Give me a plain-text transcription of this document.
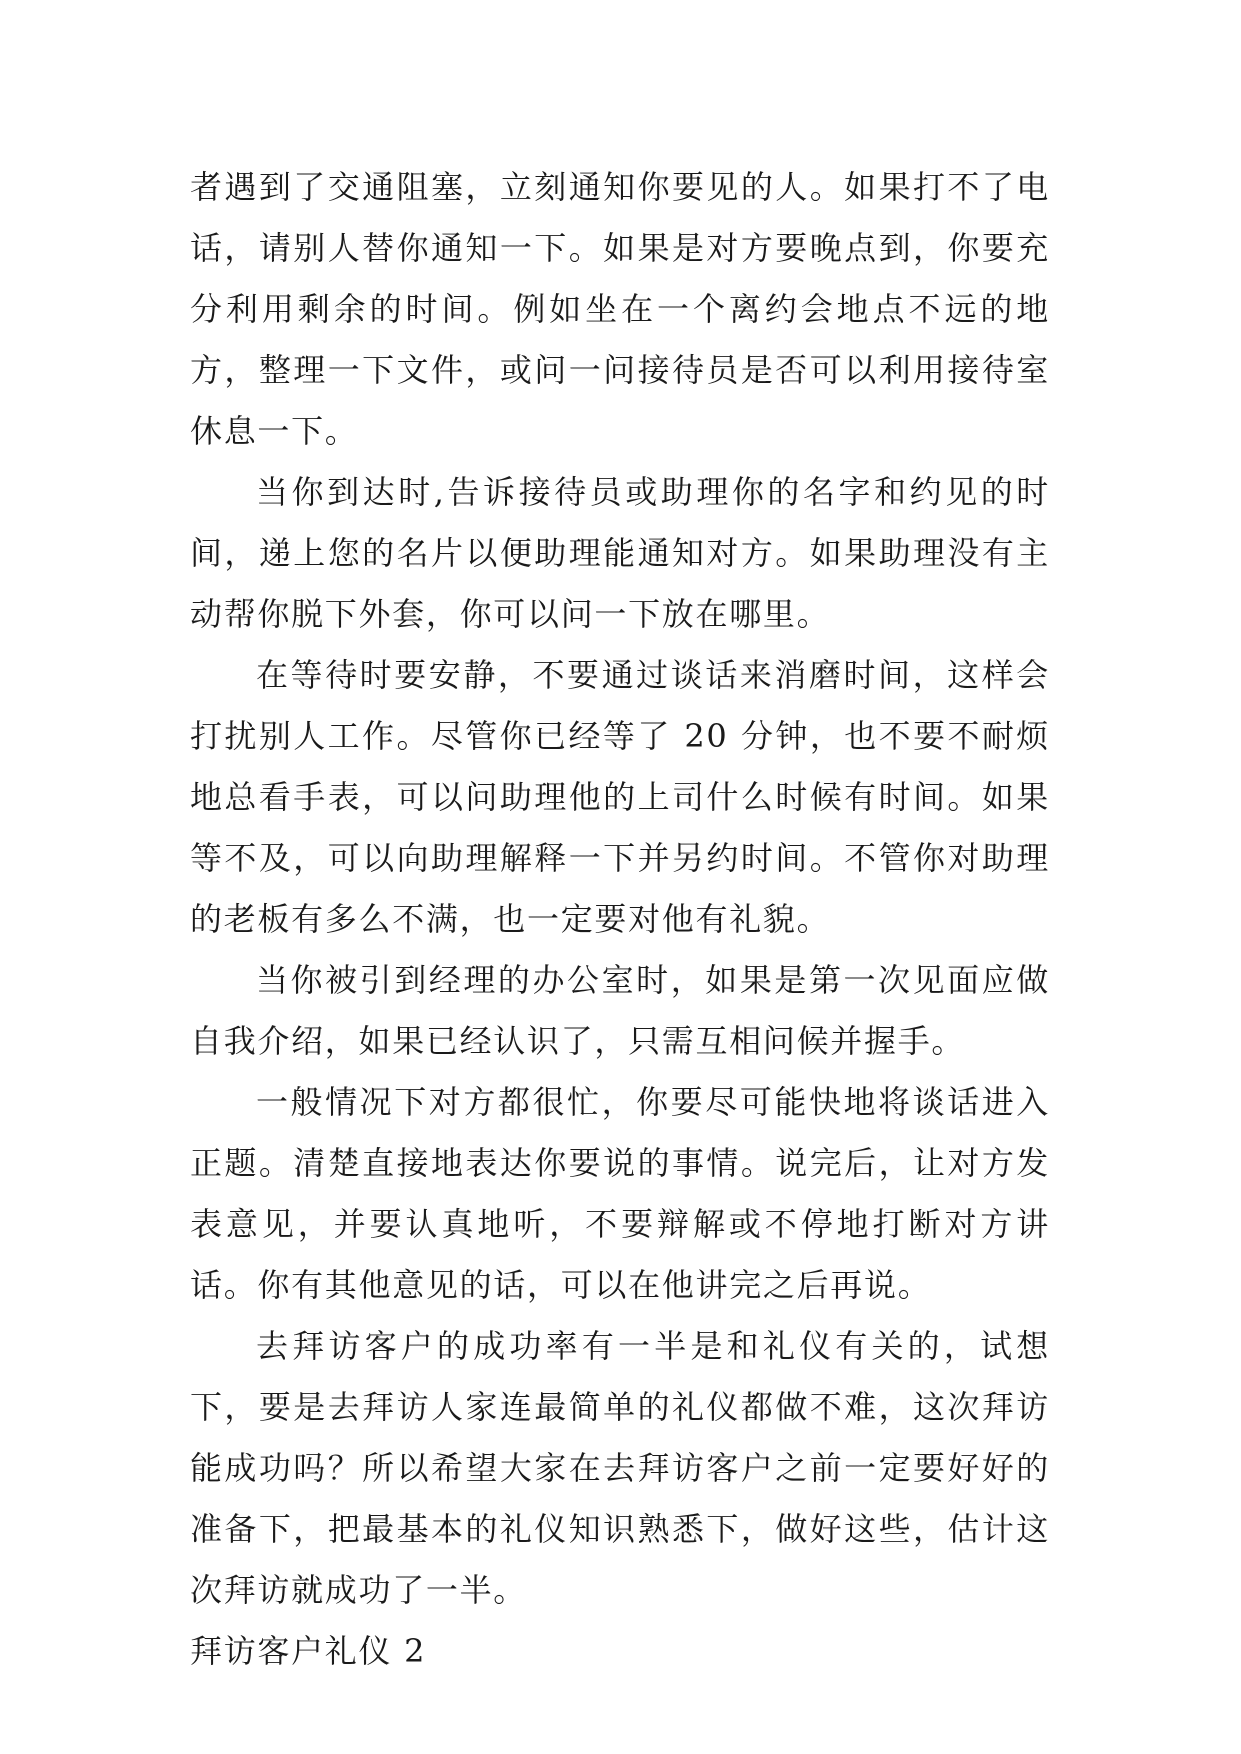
者遇到了交通阻塞，立刻通知你要见的人。如果打不了电话，请别人替你通知一下。如果是对方要晚点到，你要充分利用剩余的时间。例如坐在一个离约会地点不远的地方，整理一下文件，或问一问接待员是否可以利用接待室休息一下。

当你到达时,告诉接待员或助理你的名字和约见的时间，递上您的名片以便助理能通知对方。如果助理没有主动帮你脱下外套，你可以问一下放在哪里。

在等待时要安静，不要通过谈话来消磨时间，这样会打扰别人工作。尽管你已经等了 20 分钟，也不要不耐烦地总看手表，可以问助理他的上司什么时候有时间。如果等不及，可以向助理解释一下并另约时间。不管你对助理的老板有多么不满，也一定要对他有礼貌。

当你被引到经理的办公室时，如果是第一次见面应做自我介绍，如果已经认识了，只需互相问候并握手。

一般情况下对方都很忙，你要尽可能快地将谈话进入正题。清楚直接地表达你要说的事情。说完后，让对方发表意见，并要认真地听，不要辩解或不停地打断对方讲话。你有其他意见的话，可以在他讲完之后再说。

去拜访客户的成功率有一半是和礼仪有关的，试想下，要是去拜访人家连最简单的礼仪都做不难，这次拜访能成功吗？所以希望大家在去拜访客户之前一定要好好的准备下，把最基本的礼仪知识熟悉下，做好这些，估计这次拜访就成功了一半。

拜访客户礼仪 2
